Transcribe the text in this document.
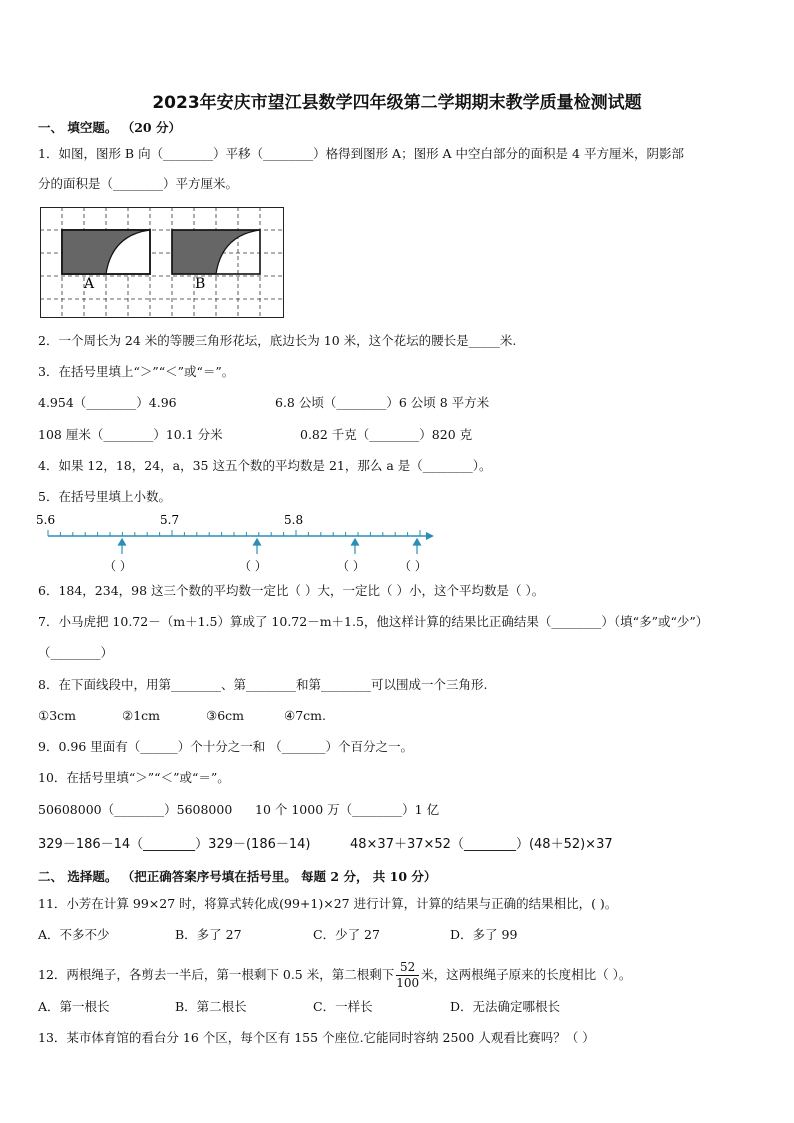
2023年安庆市望江县数学四年级第二学期期末教学质量检测试题
一、 填空题。 （20 分）
1．如图，图形 B 向（________）平移（________）格得到图形 A；图形 A 中空白部分的面积是 4 平方厘米，阴影部
分的面积是（________）平方厘米。
A	B
2．一个周长为 24 米的等腰三角形花坛，底边长为 10 米，这个花坛的腰长是_____米.
3．在括号里填上“＞”“＜”或“＝”。
4.954（________）4.96	6.8 公顷（________）6 公顷 8 平方米
108 厘米（________）10.1 分米	0.82 千克（________）820 克
4．如果 12，18，24，a，35 这五个数的平均数是 21，那么 a 是（________）。
5．在括号里填上小数。
5.6	5.7	5.8
（ ）	（ ）	（ ）	（ ）
6．184，234，98 这三个数的平均数一定比（ ）大，一定比（ ）小，这个平均数是（ ）。
7．小马虎把 10.72－（m＋1.5）算成了 10.72－m＋1.5，他这样计算的结果比正确结果（________）（填“多”或“少”）
（________）
8．在下面线段中，用第________、第________和第________可以围成一个三角形.
①3cm	②1cm	③6cm	④7cm.
9．0.96 里面有（______）个十分之一和 （_______）个百分之一。
10．在括号里填“＞”“＜”或“＝”。
50608000（________）5608000 10 个 1000 万（________）1 亿
329－186－14（________）329－(186－14)	48×37＋37×52（________）(48＋52)×37
二、 选择题。 （把正确答案序号填在括号里。 每题 2 分， 共 10 分）
11．小芳在计算 99×27 时，将算式转化成(99+1)×27 进行计算，计算的结果与正确的结果相比，( )。
A．不多不少	B．多了 27	C．少了 27	D．多了 99
12．两根绳子，各剪去一半后，第一根剩下 0.5 米，第二根剩下 $\frac{52}{100}$ 米，这两根绳子原来的长度相比（ ）。
A．第一根长	B．第二根长	C．一样长	D．无法确定哪根长
13．某市体育馆的看台分 16 个区，每个区有 155 个座位.它能同时容纳 2500 人观看比赛吗？（ ）
